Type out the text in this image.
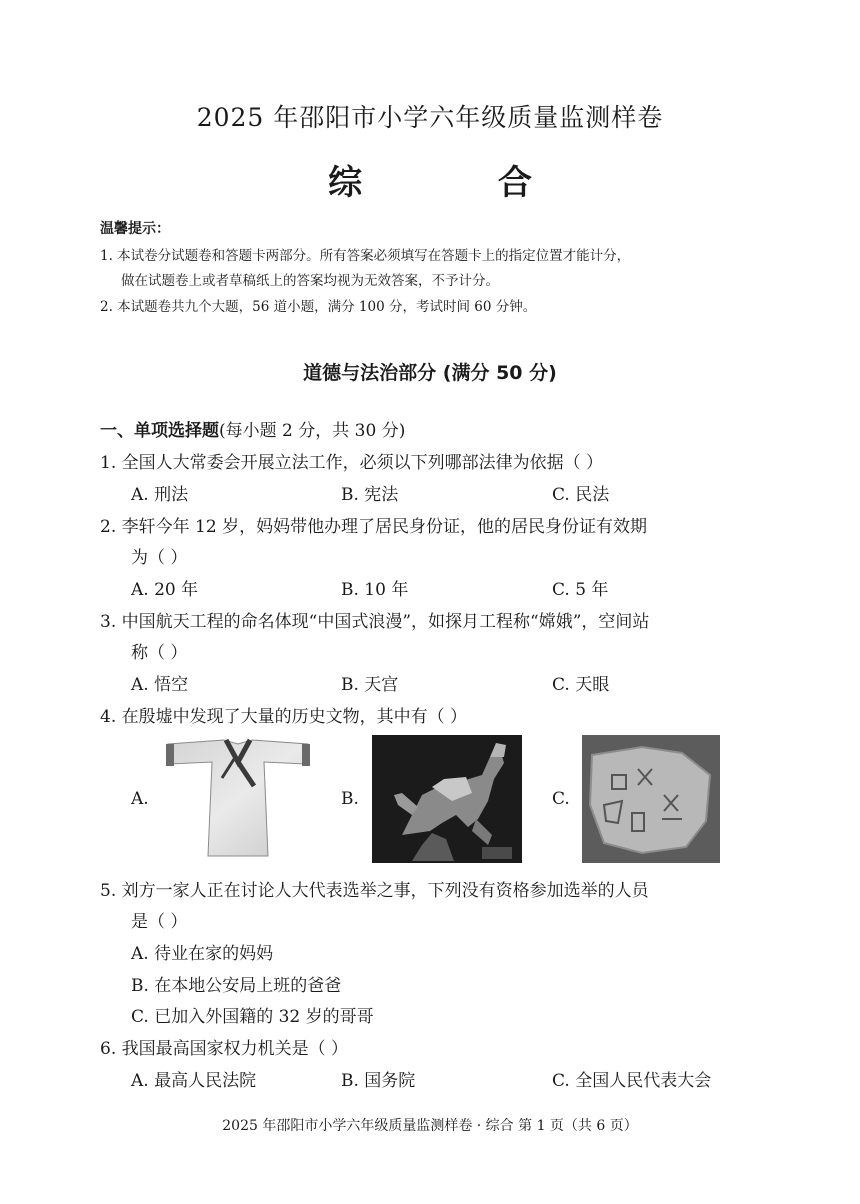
2025 年邵阳市小学六年级质量监测样卷
综 合
温馨提示：
1. 本试卷分试题卷和答题卡两部分。所有答案必须填写在答题卡上的指定位置才能计分，
做在试题卷上或者草稿纸上的答案均视为无效答案，不予计分。
2. 本试题卷共九个大题，56 道小题，满分 100 分，考试时间 60 分钟。
道德与法治部分 (满分 50 分)
一、单项选择题(每小题 2 分，共 30 分)
1. 全国人大常委会开展立法工作，必须以下列哪部法律为依据（ ）
A. 刑法	B. 宪法	C. 民法
2. 李轩今年 12 岁，妈妈带他办理了居民身份证，他的居民身份证有效期
为（ ）
A. 20 年	B. 10 年	C. 5 年
3. 中国航天工程的命名体现“中国式浪漫”，如探月工程称“嫦娥”，空间站
称（ ）
A. 悟空	B. 天宫	C. 天眼
4. 在殷墟中发现了大量的历史文物，其中有（ ）
A.	B.	C.
5. 刘方一家人正在讨论人大代表选举之事，下列没有资格参加选举的人员
是（ ）
A. 待业在家的妈妈
B. 在本地公安局上班的爸爸
C. 已加入外国籍的 32 岁的哥哥
6. 我国最高国家权力机关是（ ）
A. 最高人民法院	B. 国务院	C. 全国人民代表大会
2025 年邵阳市小学六年级质量监测样卷 · 综合 第 1 页（共 6 页）
